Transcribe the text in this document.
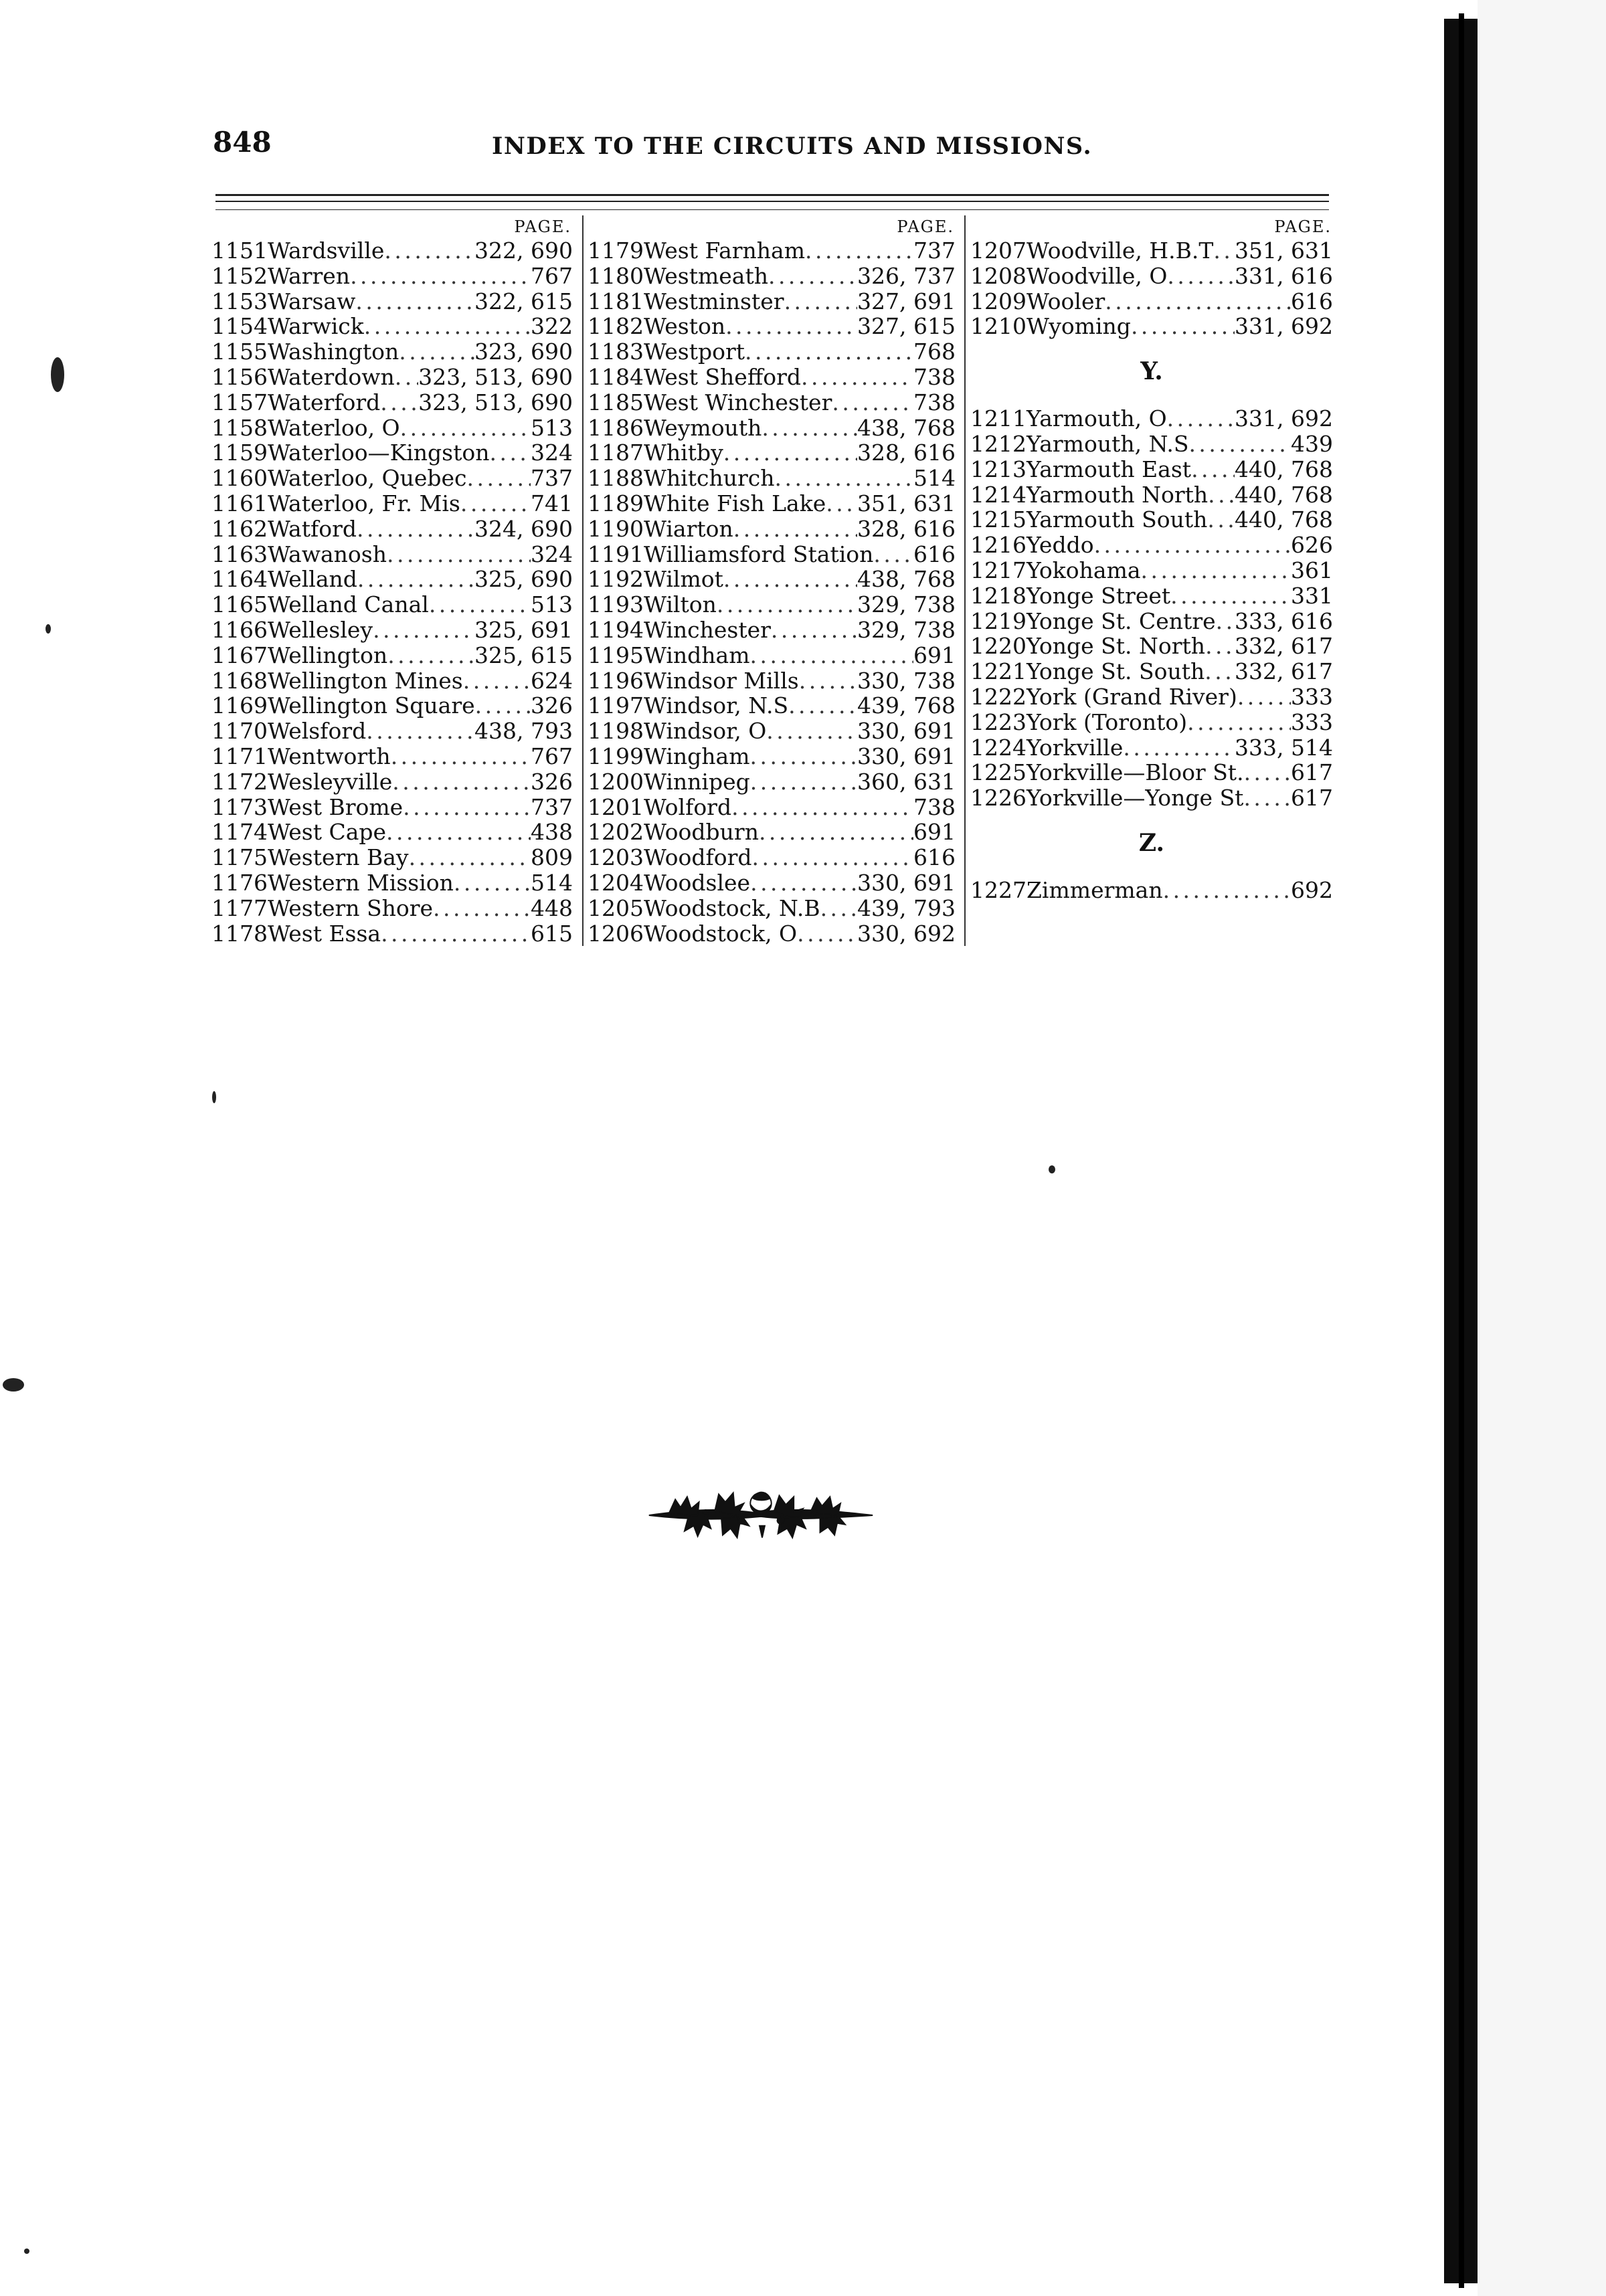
848	INDEX TO THE CIRCUITS AND MISSIONS.
PAGE.
1151 Wardsville . . .	322, 690
1152 Warren . . .	767
1153 Warsaw . . .	322, 615
1154 Warwick . . .	322
1155 Washington . . .	323, 690
1156 Waterdown . . . 323, 513, 690
1157 Waterford . . . 323, 513, 690
1158 Waterloo, O . . .	513
1159 Waterloo—Kingston . . . 324
1160 Waterloo, Quebec . . .	737
1161 Waterloo, Fr. Mis . . .	741
1162 Watford . . .	324, 690
1163 Wawanosh . . .	324
1164 Welland . . .	325, 690
1165 Welland Canal . . .	513
1166 Wellesley . . .	325, 691
1167 Wellington . . .	325, 615
1168 Wellington Mines . . .	624
1169 Wellington Square . . .	326
1170 Welsford . . .	438, 793
1171 Wentworth . . .	767
1172 Wesleyville . . .	326
1173 West Brome . . .	737
1174 West Cape . . .	438
1175 Western Bay . . .	809
1176 Western Mission . . .	514
1177 Western Shore . . .	448
1178 West Essa . . .	615
PAGE.
1179 West Farnham . . .	737
1180 Westmeath . . .	326, 737
1181 Westminster . . .	327, 691
1182 Weston . . .	327, 615
1183 Westport . . .	768
1184 West Shefford . . .	738
1185 West Winchester . . .	738
1186 Weymouth . . .	438, 768
1187 Whitby . . .	328, 616
1188 Whitchurch . . .	514
1189 White Fish Lake . . . 351, 631
1190 Wiarton . . .	328, 616
1191 Williamsford Station . . . 616
1192 Wilmot . . .	438, 768
1193 Wilton . . .	329, 738
1194 Winchester . . .	329, 738
1195 Windham . . .	691
1196 Windsor Mills . . .	330, 738
1197 Windsor, N.S . . .	439, 768
1198 Windsor, O . . .	330, 691
1199 Wingham . . .	330, 691
1200 Winnipeg . . .	360, 631
1201 Wolford . . .	738
1202 Woodburn . . .	691
1203 Woodford . . .	616
1204 Woodslee . . .	330, 691
1205 Woodstock, N.B . . . 439, 793
1206 Woodstock, O . . .	330, 692
PAGE.
1207 Woodville, H.B.T . . . 351, 631
1208 Woodville, O . . .	331, 616
1209 Wooler . . .	616
1210 Wyoming . . .	331, 692
Y.
1211 Yarmouth, O . . .	331, 692
1212 Yarmouth, N.S . . .	439
1213 Yarmouth East . . . 440, 768
1214 Yarmouth North . . . 440, 768
1215 Yarmouth South . . . 440, 768
1216 Yeddo . . .	626
1217 Yokohama . . .	361
1218 Yonge Street . . .	331
1219 Yonge St. Centre . . . 333, 616
1220 Yonge St. North . . . 332, 617
1221 Yonge St. South . . . 332, 617
1222 York (Grand River) . . . 333
1223 York (Toronto) . . .	333
1224 Yorkville . . .	333, 514
1225 Yorkville—Bloor St. . . . 617
1226 Yorkville—Yonge St . . . 617
Z.
1227 Zimmerman . . .	692
